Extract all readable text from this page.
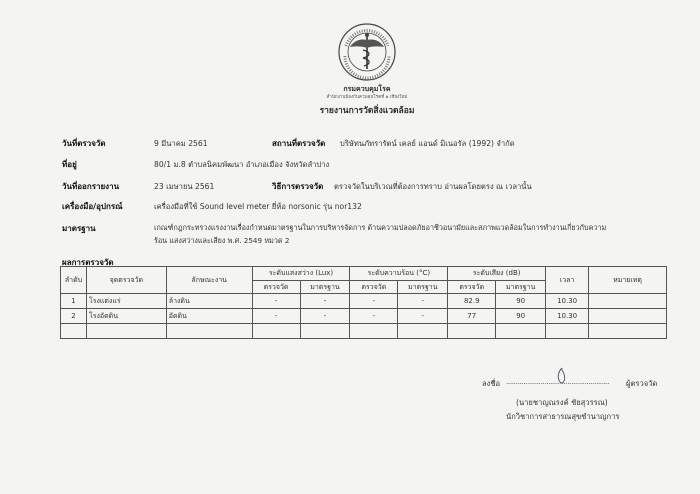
กรมควบคุมโรค
สำนักงานป้องกันควบคุมโรคที่ ๑ เชียงใหม่
รายงานการวัดสิ่งแวดล้อม
วันที่ตรวจวัด	9 มีนาคม 2561	สถานที่ตรวจวัด บริษัทนภัทรารัตน์ เคลย์ แอนด์ มิเนอรัล (1992) จำกัด
ที่อยู่	80/1 ม.8 ตำบลนิคมพัฒนา อำเภอเมือง จังหวัดลำปาง
วันที่ออกรายงาน	23 เมษายน 2561	วิธีการตรวจวัด ตรวจวัดในบริเวณที่ต้องการทราบ อ่านผลโดยตรง ณ เวลานั้น
เครื่องมือ/อุปกรณ์	เครื่องมือที่ใช้ Sound level meter ยี่ห้อ norsonic รุ่น nor132
มาตรฐาน	เกณฑ์กฎกระทรวงแรงงานเรื่องกำหนดมาตรฐานในการบริหารจัดการ ด้านความปลอดภัยอาชีวอนามัยและสภาพแวดล้อมในการทำงานเกี่ยวกับความ
ร้อน แสงสว่างและเสียง พ.ศ. 2549 หมวด 2
ผลการตรวจวัด
ลำดับ	จุดตรวจวัด	ลักษณะงาน	ระดับแสงสว่าง (Lux)		ระดับความร้อน (°C)		ระดับเสียง (dB)		เวลา	หมายเหตุ
			ตรวจวัด	มาตรฐาน	ตรวจวัด	มาตรฐาน	ตรวจวัด	มาตรฐาน		
1	โรงแต่งแร่	ล้างดิน	-	-	-	-	82.9	90	10.30	
2	โรงอัดดิน	อัดดิน	-	-	-	-	77	90	10.30	

ลงชื่อ ...................................................... ผู้ตรวจวัด
(นายชาญณรงค์ ชัยสุวรรณ)
นักวิชาการสาธารณสุขชำนาญการ
